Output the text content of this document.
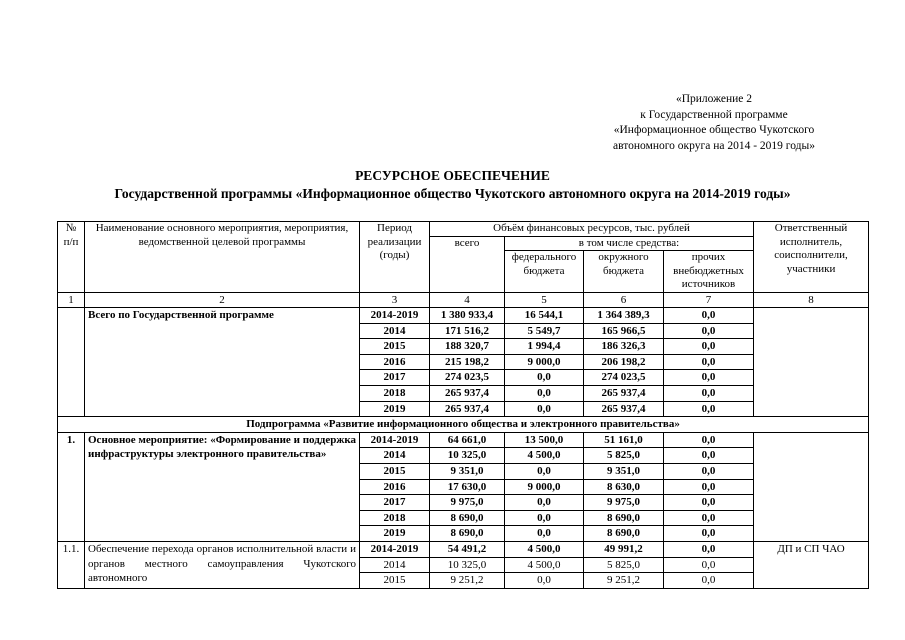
«Приложение 2
к Государственной программе
«Информационное общество Чукотского
автономного округа на 2014 - 2019 годы»
РЕСУРСНОЕ ОБЕСПЕЧЕНИЕ
Государственной программы «Информационное общество Чукотского автономного округа на 2014-2019 годы»
№ п/п	Наименование основного мероприятия, мероприятия, ведомственной целевой программы	Период реализации (годы)	Объём финансовых ресурсов, тыс. рублей				Ответственный исполнитель, соисполнители, участники
			всего	в том числе средства:			
				федерального бюджета	окружного бюджета	прочих внебюджетных источников	
1	2	3	4	5	6	7	8
	Всего по Государственной программе	2014-2019	1 380 933,4	16 544,1	1 364 389,3	0,0	
		2014	171 516,2	5 549,7	165 966,5	0,0	
		2015	188 320,7	1 994,4	186 326,3	0,0	
		2016	215 198,2	9 000,0	206 198,2	0,0	
		2017	274 023,5	0,0	274 023,5	0,0	
		2018	265 937,4	0,0	265 937,4	0,0	
		2019	265 937,4	0,0	265 937,4	0,0	
Подпрограмма «Развитие информационного общества и электронного правительства»							
1.	Основное мероприятие: «Формирование и поддержка инфраструктуры электронного правительства»	2014-2019	64 661,0	13 500,0	51 161,0	0,0	
		2014	10 325,0	4 500,0	5 825,0	0,0	
		2015	9 351,0	0,0	9 351,0	0,0	
		2016	17 630,0	9 000,0	8 630,0	0,0	
		2017	9 975,0	0,0	9 975,0	0,0	
		2018	8 690,0	0,0	8 690,0	0,0	
		2019	8 690,0	0,0	8 690,0	0,0	
1.1.	Обеспечение перехода органов исполнительной власти и органов местного самоуправления Чукотского автономного	2014-2019	54 491,2	4 500,0	49 991,2	0,0	ДП и СП ЧАО
		2014	10 325,0	4 500,0	5 825,0	0,0	
		2015	9 251,2	0,0	9 251,2	0,0	
